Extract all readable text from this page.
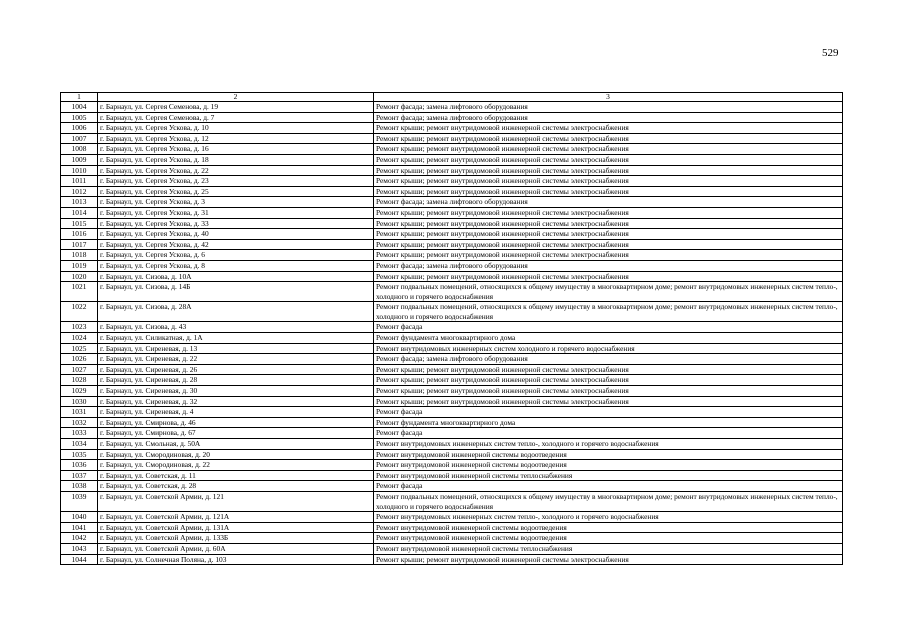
529
1	2	3
1004	г. Барнаул, ул. Сергея Семенова, д. 19	Ремонт фасада; замена лифтового оборудования
1005	г. Барнаул, ул. Сергея Семенова, д. 7	Ремонт фасада; замена лифтового оборудования
1006	г. Барнаул, ул. Сергея Ускова, д. 10	Ремонт крыши; ремонт внутридомовой инженерной системы электроснабжения
1007	г. Барнаул, ул. Сергея Ускова, д. 12	Ремонт крыши; ремонт внутридомовой инженерной системы электроснабжения
1008	г. Барнаул, ул. Сергея Ускова, д. 16	Ремонт крыши; ремонт внутридомовой инженерной системы электроснабжения
1009	г. Барнаул, ул. Сергея Ускова, д. 18	Ремонт крыши; ремонт внутридомовой инженерной системы электроснабжения
1010	г. Барнаул, ул. Сергея Ускова, д. 22	Ремонт крыши; ремонт внутридомовой инженерной системы электроснабжения
1011	г. Барнаул, ул. Сергея Ускова, д. 23	Ремонт крыши; ремонт внутридомовой инженерной системы электроснабжения
1012	г. Барнаул, ул. Сергея Ускова, д. 25	Ремонт крыши; ремонт внутридомовой инженерной системы электроснабжения
1013	г. Барнаул, ул. Сергея Ускова, д. 3	Ремонт фасада; замена лифтового оборудования
1014	г. Барнаул, ул. Сергея Ускова, д. 31	Ремонт крыши; ремонт внутридомовой инженерной системы электроснабжения
1015	г. Барнаул, ул. Сергея Ускова, д. 33	Ремонт крыши; ремонт внутридомовой инженерной системы электроснабжения
1016	г. Барнаул, ул. Сергея Ускова, д. 40	Ремонт крыши; ремонт внутридомовой инженерной системы электроснабжения
1017	г. Барнаул, ул. Сергея Ускова, д. 42	Ремонт крыши; ремонт внутридомовой инженерной системы электроснабжения
1018	г. Барнаул, ул. Сергея Ускова, д. 6	Ремонт крыши; ремонт внутридомовой инженерной системы электроснабжения
1019	г. Барнаул, ул. Сергея Ускова, д. 8	Ремонт фасада; замена лифтового оборудования
1020	г. Барнаул, ул. Сизова, д. 10А	Ремонт крыши; ремонт внутридомовой инженерной системы электроснабжения
1021	г. Барнаул, ул. Сизова, д. 14Б	Ремонт подвальных помещений, относящихся к общему имуществу в многоквартирном доме; ремонт внутридомовых инженерных систем тепло-, холодного и горячего водоснабжения
1022	г. Барнаул, ул. Сизова, д. 28А	Ремонт подвальных помещений, относящихся к общему имуществу в многоквартирном доме; ремонт внутридомовых инженерных систем тепло-, холодного и горячего водоснабжения
1023	г. Барнаул, ул. Сизова, д. 43	Ремонт фасада
1024	г. Барнаул, ул. Силикатная, д. 1А	Ремонт фундамента многоквартирного дома
1025	г. Барнаул, ул. Сиреневая, д. 13	Ремонт внутридомовых инженерных систем холодного и горячего водоснабжения
1026	г. Барнаул, ул. Сиреневая, д. 22	Ремонт фасада; замена лифтового оборудования
1027	г. Барнаул, ул. Сиреневая, д. 26	Ремонт крыши; ремонт внутридомовой инженерной системы электроснабжения
1028	г. Барнаул, ул. Сиреневая, д. 28	Ремонт крыши; ремонт внутридомовой инженерной системы электроснабжения
1029	г. Барнаул, ул. Сиреневая, д. 30	Ремонт крыши; ремонт внутридомовой инженерной системы электроснабжения
1030	г. Барнаул, ул. Сиреневая, д. 32	Ремонт крыши; ремонт внутридомовой инженерной системы электроснабжения
1031	г. Барнаул, ул. Сиреневая, д. 4	Ремонт фасада
1032	г. Барнаул, ул. Смирнова, д. 46	Ремонт фундамента многоквартирного дома
1033	г. Барнаул, ул. Смирнова, д. 67	Ремонт фасада
1034	г. Барнаул, ул. Смольная, д. 50А	Ремонт внутридомовых инженерных систем тепло-, холодного и горячего водоснабжения
1035	г. Барнаул, ул. Смородиновая, д. 20	Ремонт внутридомовой инженерной системы водоотведения
1036	г. Барнаул, ул. Смородиновая, д. 22	Ремонт внутридомовой инженерной системы водоотведения
1037	г. Барнаул, ул. Советская, д. 11	Ремонт внутридомовой инженерной системы теплоснабжения
1038	г. Барнаул, ул. Советская, д. 28	Ремонт фасада
1039	г. Барнаул, ул. Советской Армии, д. 121	Ремонт подвальных помещений, относящихся к общему имуществу в многоквартирном доме; ремонт внутридомовых инженерных систем тепло-, холодного и горячего водоснабжения
1040	г. Барнаул, ул. Советской Армии, д. 121А	Ремонт внутридомовых инженерных систем тепло-, холодного и горячего водоснабжения
1041	г. Барнаул, ул. Советской Армии, д. 131А	Ремонт внутридомовой инженерной системы водоотведения
1042	г. Барнаул, ул. Советской Армии, д. 133Б	Ремонт внутридомовой инженерной системы водоотведения
1043	г. Барнаул, ул. Советской Армии, д. 60А	Ремонт внутридомовой инженерной системы теплоснабжения
1044	г. Барнаул, ул. Солнечная Поляна, д. 103	Ремонт крыши; ремонт внутридомовой инженерной системы электроснабжения
